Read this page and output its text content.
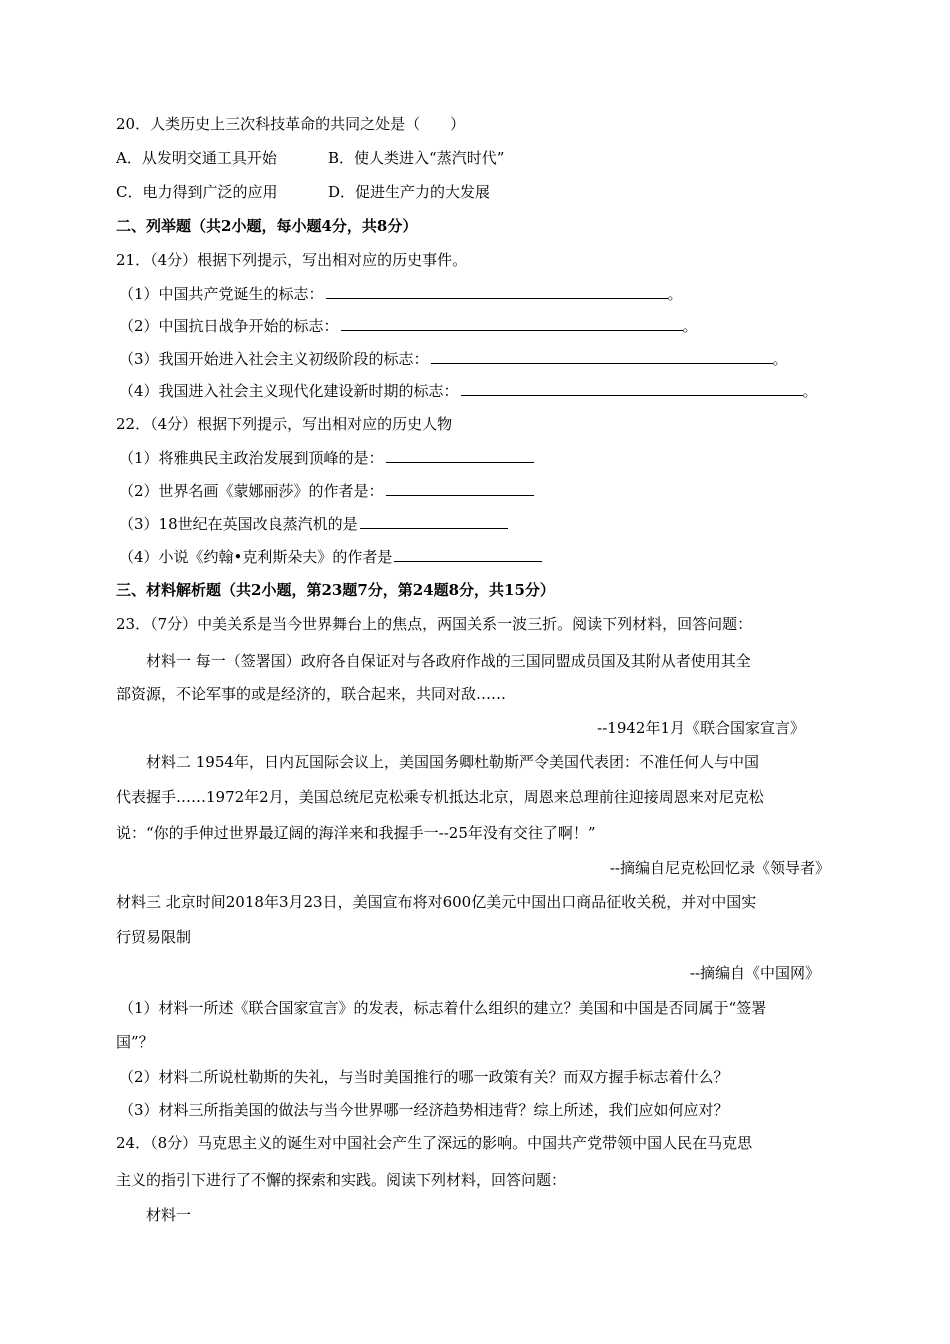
20．人类历史上三次科技革命的共同之处是（　　）
A．从发明交通工具开始	B．使人类进入“蒸汽时代”
C．电力得到广泛的应用	D．促进生产力的大发展
二、列举题（共2小题，每小题4分，共8分）
21．（4分）根据下列提示，写出相对应的历史事件。
（1）中国共产党诞生的标志：	。
（2）中国抗日战争开始的标志：	。
（3）我国开始进入社会主义初级阶段的标志：	。
（4）我国进入社会主义现代化建设新时期的标志：	。
22．（4分）根据下列提示，写出相对应的历史人物
（1）将雅典民主政治发展到顶峰的是：
（2）世界名画《蒙娜丽莎》的作者是：
（3）18世纪在英国改良蒸汽机的是
（4）小说《约翰•克利斯朵夫》的作者是
三、材料解析题（共2小题，第23题7分，第24题8分，共15分）
23．（7分）中美关系是当今世界舞台上的焦点，两国关系一波三折。阅读下列材料，回答问题：
材料一 每一（签署国）政府各自保证对与各政府作战的三国同盟成员国及其附从者使用其全
部资源，不论军事的或是经济的，联合起来，共同对敌……
--1942年1月《联合国家宣言》
材料二 1954年，日内瓦国际会议上，美国国务卿杜勒斯严令美国代表团：不准任何人与中国
代表握手……1972年2月，美国总统尼克松乘专机抵达北京，周恩来总理前往迎接周恩来对尼克松
说：“你的手伸过世界最辽阔的海洋来和我握手一--25年没有交往了啊！”
--摘编自尼克松回忆录《领导者》
材料三 北京时间2018年3月23日，美国宣布将对600亿美元中国出口商品征收关税，并对中国实
行贸易限制
--摘编自《中国网》
（1）材料一所述《联合国家宣言》的发表，标志着什么组织的建立？美国和中国是否同属于“签署
国”？
（2）材料二所说杜勒斯的失礼，与当时美国推行的哪一政策有关？而双方握手标志着什么？
（3）材料三所指美国的做法与当今世界哪一经济趋势相违背？综上所述，我们应如何应对？
24．（8分）马克思主义的诞生对中国社会产生了深远的影响。中国共产党带领中国人民在马克思
主义的指引下进行了不懈的探索和实践。阅读下列材料，回答问题：
材料一
